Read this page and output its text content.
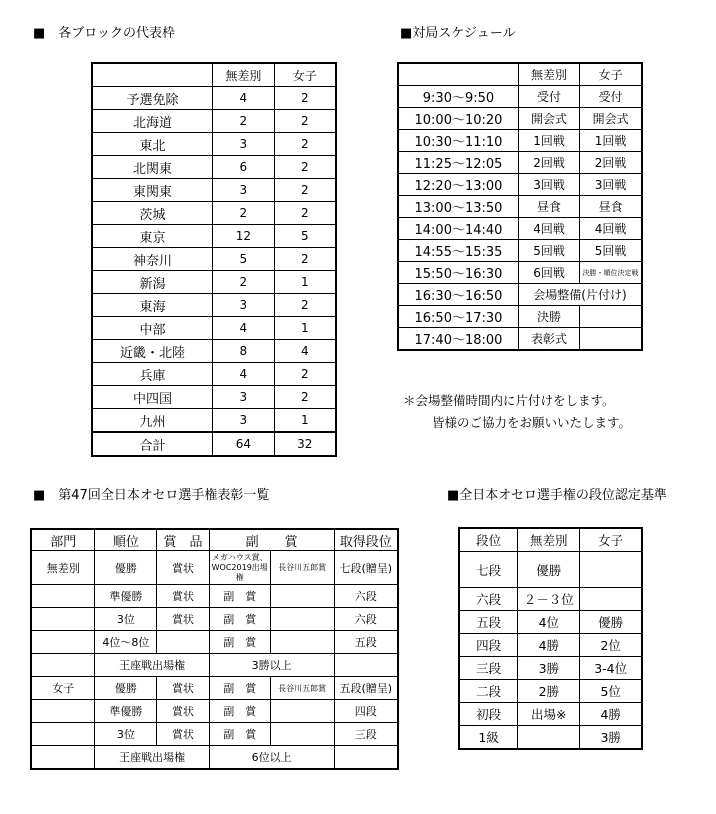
■　各ブロックの代表枠	■対局スケジュール
■　第47回全日本オセロ選手権表彰一覧	■全日本オセロ選手権の段位認定基準
	無差別	女子
予選免除	4	2
北海道	2	2
東北	3	2
北関東	6	2
東関東	3	2
茨城	2	2
東京	12	5
神奈川	5	2
新潟	2	1
東海	3	2
中部	4	1
近畿・北陸	8	4
兵庫	4	2
中四国	3	2
九州	3	1
合計	64	32
	無差別	女子
9:30〜9:50	受付	受付
10:00〜10:20	開会式	開会式
10:30〜11:10	1回戦	1回戦
11:25〜12:05	2回戦	2回戦
12:20〜13:00	3回戦	3回戦
13:00〜13:50	昼食	昼食
14:00〜14:40	4回戦	4回戦
14:55〜15:35	5回戦	5回戦
15:50〜16:30	6回戦	決勝・順位決定戦
16:30〜16:50	会場整備(片付け)	
16:50〜17:30	決勝	
17:40〜18:00	表彰式	
＊会場整備時間内に片付けをします。
皆様のご協力をお願いいたします。
部門	順位	賞　品	副　　賞		取得段位
無差別	優勝	賞状	メガハウス賞、WOC2019出場権	長谷川五郎賞	七段(贈呈)
	準優勝	賞状	副　賞		六段
	3位	賞状	副　賞		六段
	4位〜8位		副　賞		五段
	王座戦出場権		3勝以上		
女子	優勝	賞状	副　賞	長谷川五郎賞	五段(贈呈)
	準優勝	賞状	副　賞		四段
	3位	賞状	副　賞		三段
	王座戦出場権		6位以上		
段位	無差別	女子
七段	優勝	
六段	２－３位	
五段	4位	優勝
四段	4勝	2位
三段	3勝	3-4位
二段	2勝	5位
初段	出場※	4勝
1級		3勝
